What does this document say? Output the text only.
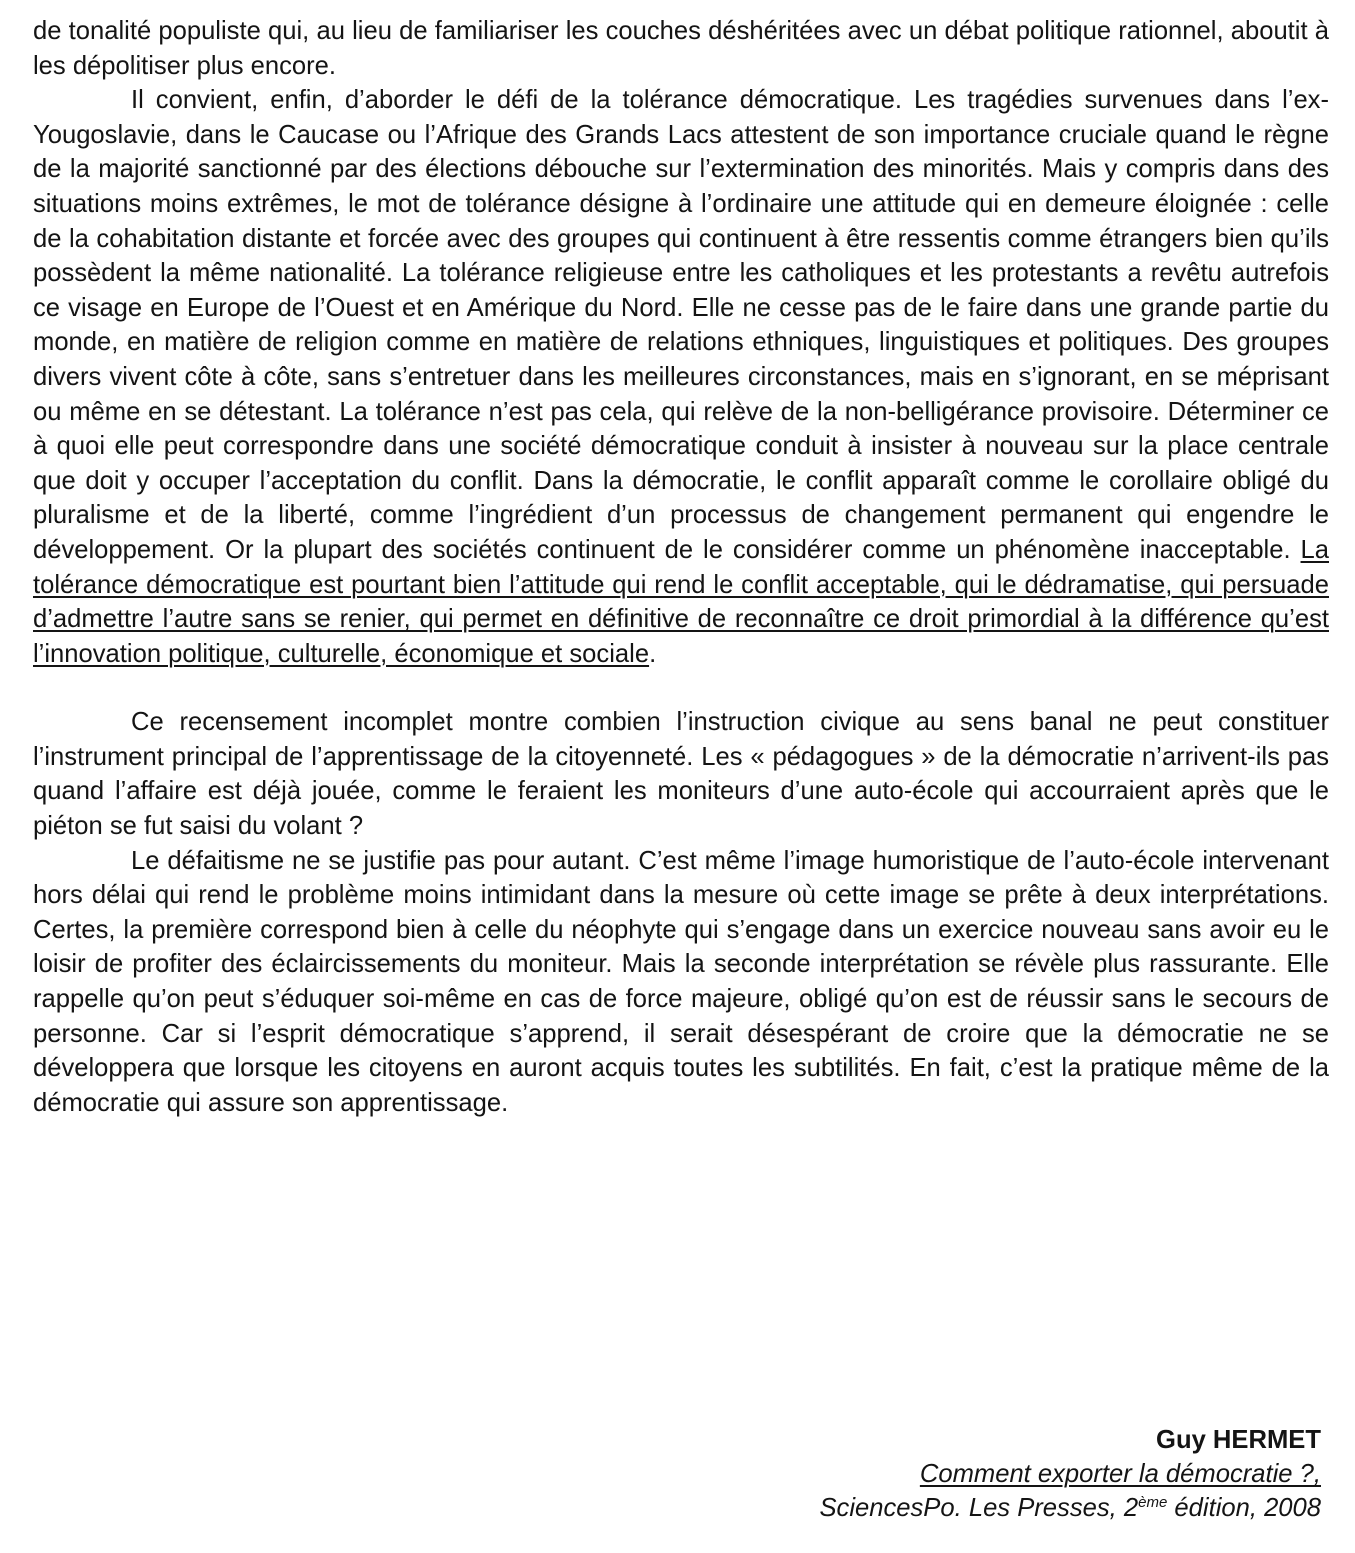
de tonalité populiste qui, au lieu de familiariser les couches déshéritées avec un débat politique rationnel, aboutit à les dépolitiser plus encore.

Il convient, enfin, d’aborder le défi de la tolérance démocratique. Les tragédies survenues dans l’ex-Yougoslavie, dans le Caucase ou l’Afrique des Grands Lacs attestent de son importance cruciale quand le règne de la majorité sanctionné par des élections débouche sur l’extermination des minorités. Mais y compris dans des situations moins extrêmes, le mot de tolérance désigne à l’ordinaire une attitude qui en demeure éloignée : celle de la cohabitation distante et forcée avec des groupes qui continuent à être ressentis comme étrangers bien qu’ils possèdent la même nationalité. La tolérance religieuse entre les catholiques et les protestants a revêtu autrefois ce visage en Europe de l’Ouest et en Amérique du Nord. Elle ne cesse pas de le faire dans une grande partie du monde, en matière de religion comme en matière de relations ethniques, linguistiques et politiques. Des groupes divers vivent côte à côte, sans s’entretuer dans les meilleures circonstances, mais en s’ignorant, en se méprisant ou même en se détestant. La tolérance n’est pas cela, qui relève de la non-belligérance provisoire. Déterminer ce à quoi elle peut correspondre dans une société démocratique conduit à insister à nouveau sur la place centrale que doit y occuper l’acceptation du conflit. Dans la démocratie, le conflit apparaît comme le corollaire obligé du pluralisme et de la liberté, comme l’ingrédient d’un processus de changement permanent qui engendre le développement. Or la plupart des sociétés continuent de le considérer comme un phénomène inacceptable. La tolérance démocratique est pourtant bien l’attitude qui rend le conflit acceptable, qui le dédramatise, qui persuade d’admettre l’autre sans se renier, qui permet en définitive de reconnaître ce droit primordial à la différence qu’est l’innovation politique, culturelle, économique et sociale.

Ce recensement incomplet montre combien l’instruction civique au sens banal ne peut constituer l’instrument principal de l’apprentissage de la citoyenneté. Les « pédagogues » de la démocratie n’arrivent-ils pas quand l’affaire est déjà jouée, comme le feraient les moniteurs d’une auto-école qui accourraient après que le piéton se fut saisi du volant ?

Le défaitisme ne se justifie pas pour autant. C’est même l’image humoristique de l’auto-école intervenant hors délai qui rend le problème moins intimidant dans la mesure où cette image se prête à deux interprétations. Certes, la première correspond bien à celle du néophyte qui s’engage dans un exercice nouveau sans avoir eu le loisir de profiter des éclaircissements du moniteur. Mais la seconde interprétation se révèle plus rassurante. Elle rappelle qu’on peut s’éduquer soi-même en cas de force majeure, obligé qu’on est de réussir sans le secours de personne. Car si l’esprit démocratique s’apprend, il serait désespérant de croire que la démocratie ne se développera que lorsque les citoyens en auront acquis toutes les subtilités. En fait, c’est la pratique même de la démocratie qui assure son apprentissage.

Guy HERMET
Comment exporter la démocratie ?,
SciencesPo. Les Presses, 2ème édition, 2008
